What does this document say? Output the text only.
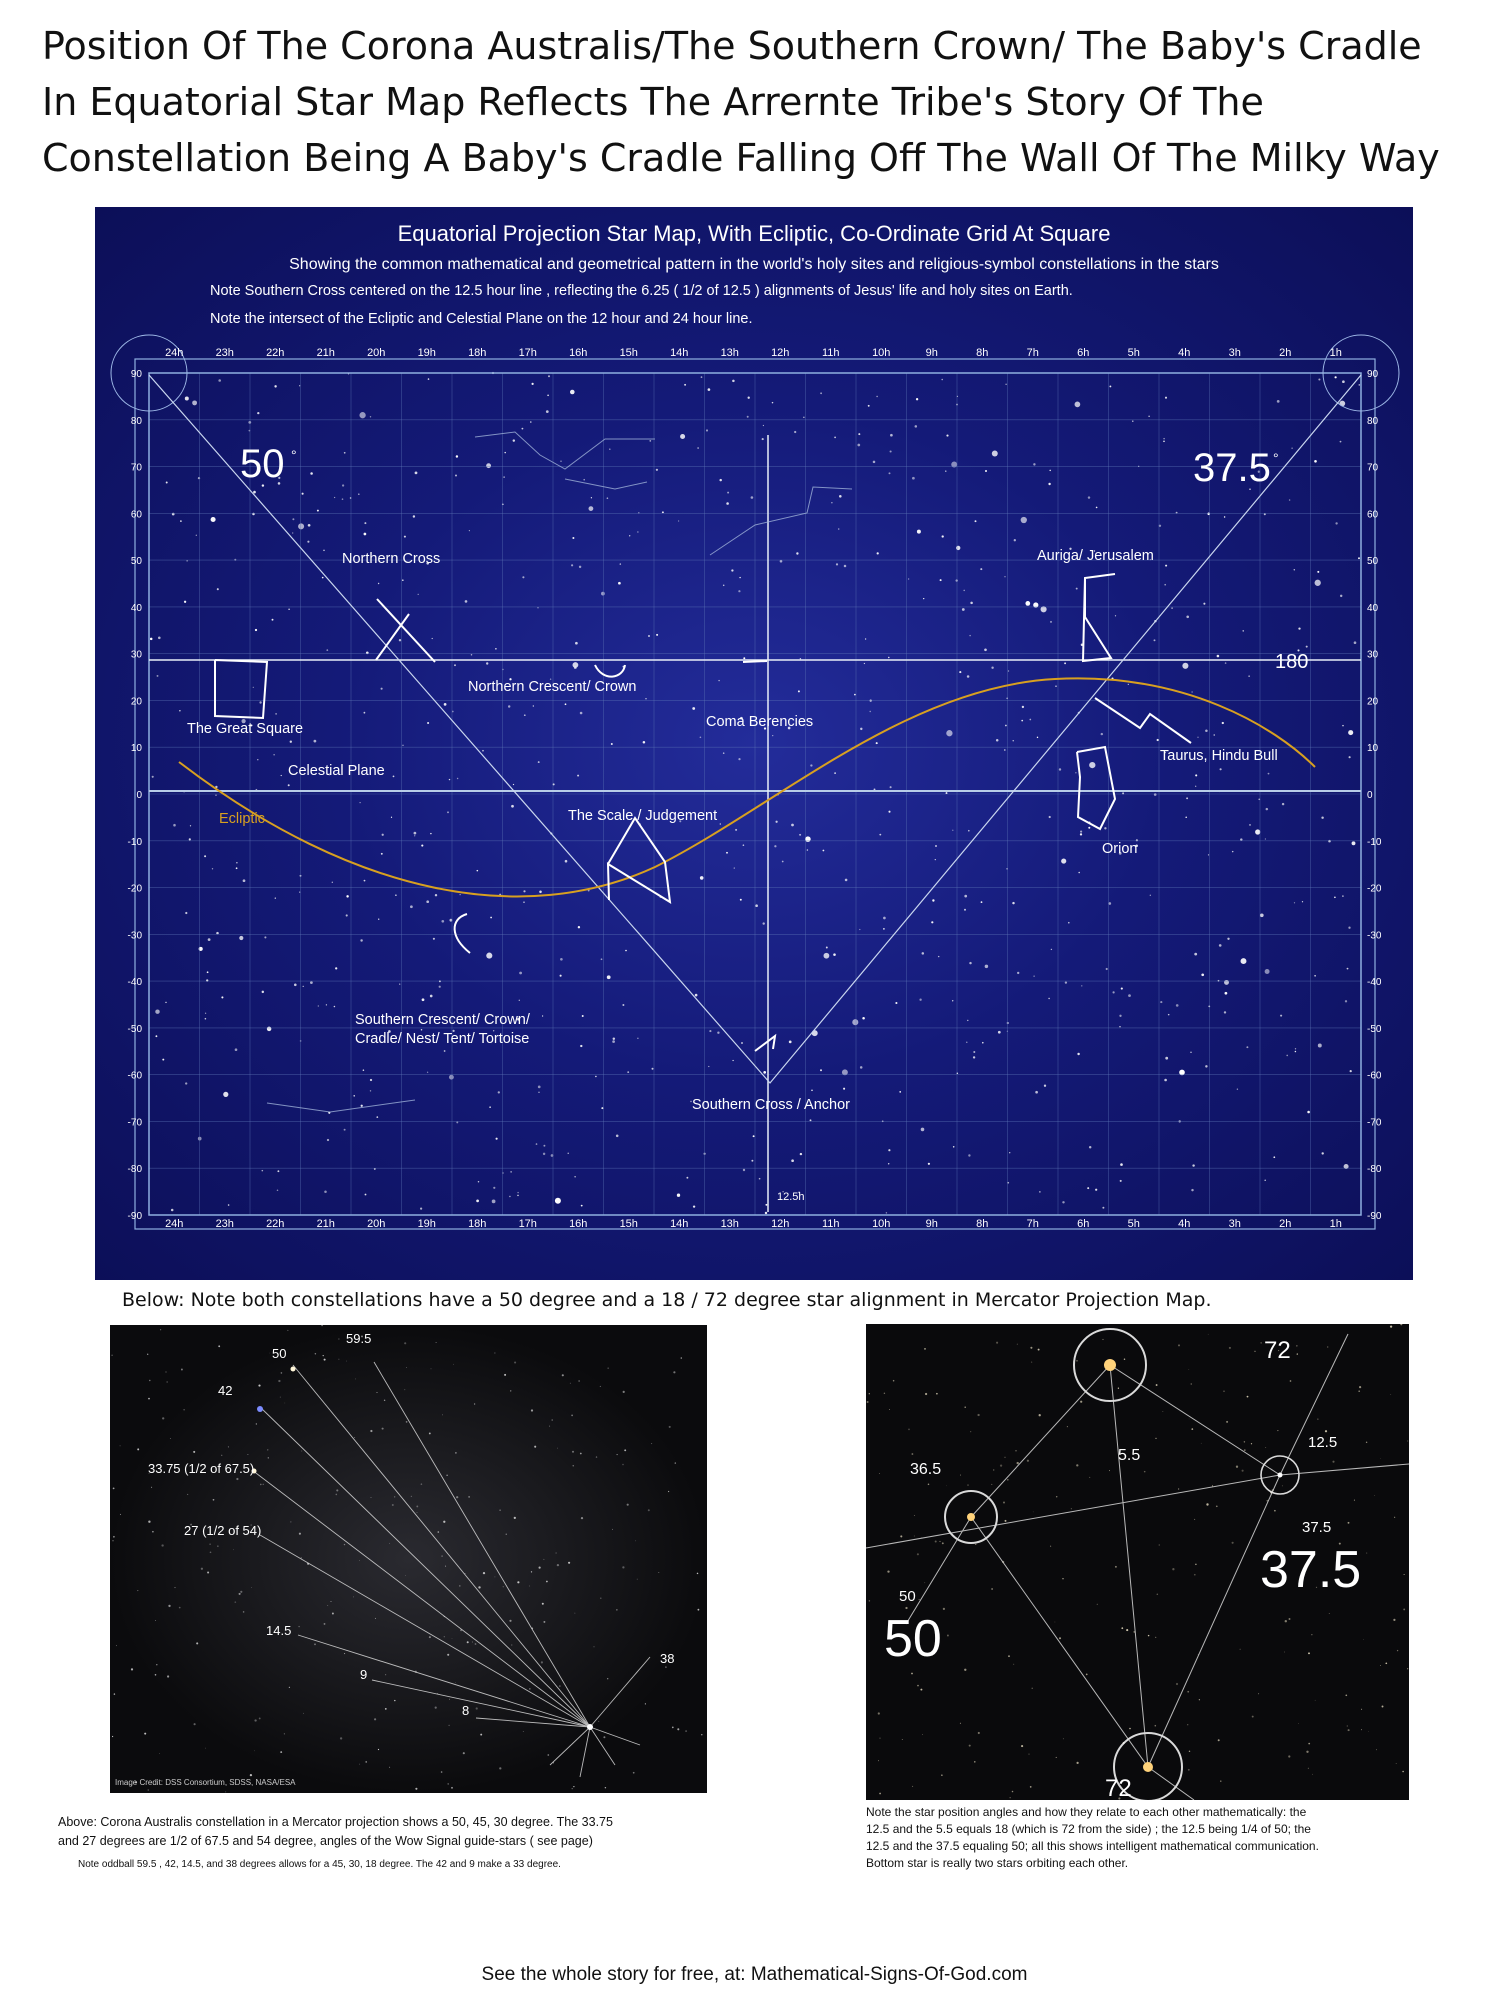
Position Of The Corona Australis/The Southern Crown/ The Baby's Cradle
In Equatorial Star Map Reflects The Arrernte Tribe's Story Of The
Constellation Being A Baby's Cradle Falling Off The Wall Of The Milky Way
Equatorial Projection Star Map, With Ecliptic, Co-Ordinate Grid At Square
Showing the common mathematical and geometrical pattern in the world's holy sites and religious-symbol constellations in the stars
Note Southern Cross centered on the 12.5 hour line , reflecting the 6.25 ( 1/2 of 12.5 ) alignments of Jesus' life and holy sites on Earth.
Note the intersect of the Ecliptic and Celestial Plane on the 12 hour and 24 hour line.
24h
24h
23h
23h
22h
22h
21h
21h
20h
20h
19h
19h
18h
18h
17h
17h
16h
16h
15h
15h
14h
14h
13h
13h
12h
12h
11h
11h
10h
10h
9h
9h
8h
8h
7h
7h
6h
6h
5h
5h
4h
4h
3h
3h
2h
2h
1h
1h
90	90
80	80
70	70
60	60
50	50
40	40
30	30
20	20
10	10
0	0
-10	-10
-20	-20
-30	-30
-40	-40
-50	-50
-60	-60
-70	-70
-80	-80
-90	-90
50 °	37.5 °
180
12.5h
Northern Cross	Auriga/ Jerusalem
The Great Square
Northern Crescent/ Crown
Coma Berencies
Taurus, Hindu Bull
Celestial Plane
Ecliptic	The Scale / Judgement
Orion
Southern Crescent/ Crown/
Cradle/ Nest/ Tent/ Tortoise
Southern Cross / Anchor
Below: Note both constellations have a 50 degree and a 18 / 72 degree star alignment in Mercator Projection Map.
50
59.5
42
33.75 (1/2 of 67.5)
27 (1/2 of 54)
14.5
9
8
38
Image Credit: DSS Consortium, SDSS, NASA/ESA
72
5.5
12.5
36.5
37.5
37.5
50
50
72
Above: Corona Australis constellation in a Mercator projection shows a 50, 45, 30 degree. The 33.75
and 27 degrees are 1/2 of 67.5 and 54 degree, angles of the Wow Signal guide-stars ( see page)
Note oddball 59.5 , 42, 14.5, and 38 degrees allows for a 45, 30, 18 degree. The 42 and 9 make a 33 degree.
Note the star position angles and how they relate to each other mathematically: the
12.5 and the 5.5 equals 18 (which is 72 from the side) ; the 12.5 being 1/4 of 50; the
12.5 and the 37.5 equaling 50; all this shows intelligent mathematical communication.
Bottom star is really two stars orbiting each other.
See the whole story for free, at: Mathematical-Signs-Of-God.com
